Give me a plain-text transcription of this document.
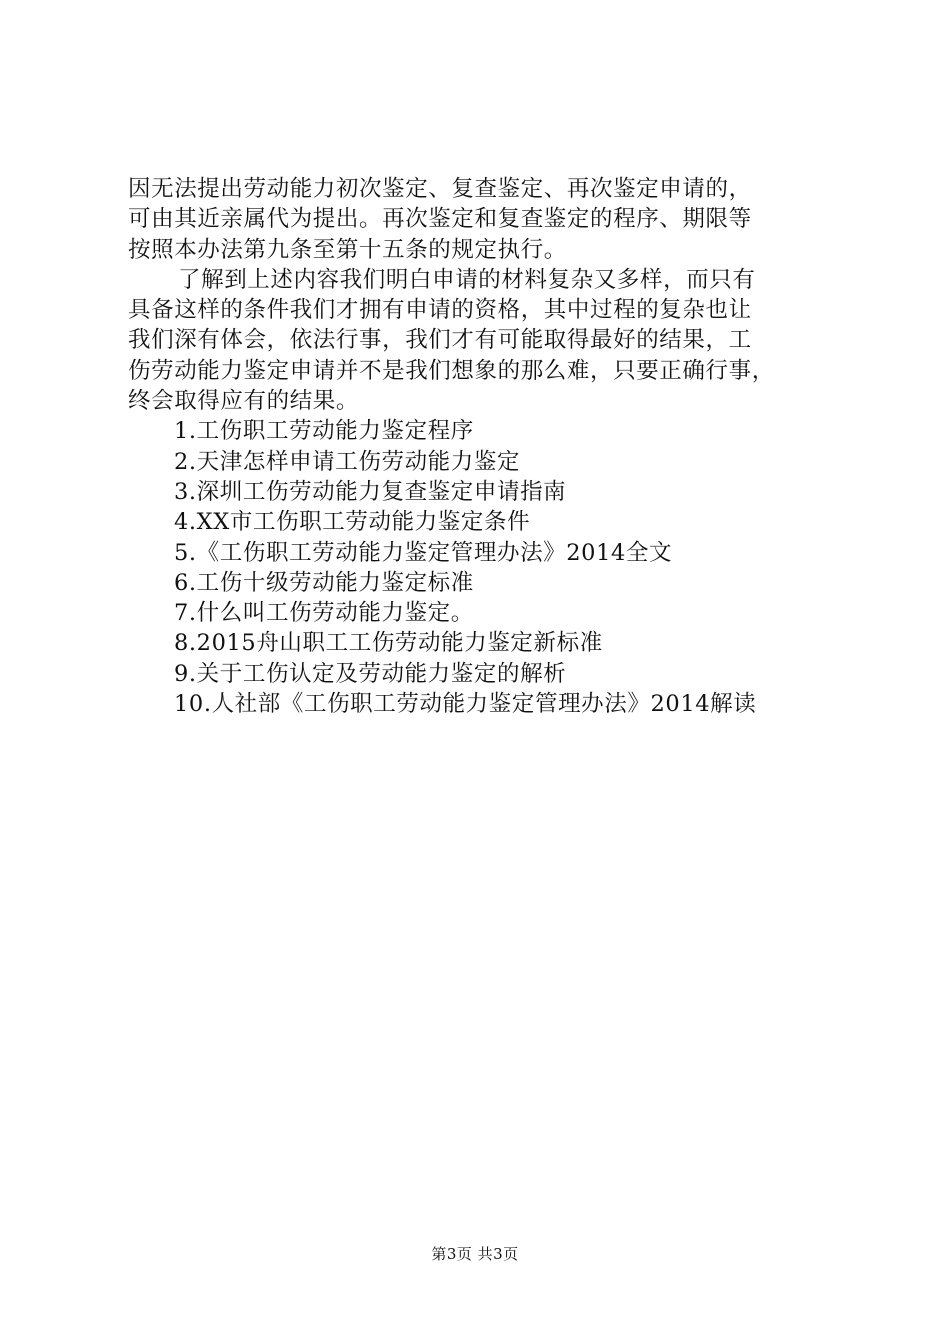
因无法提出劳动能力初次鉴定、复查鉴定、再次鉴定申请的，
可由其近亲属代为提出。再次鉴定和复查鉴定的程序、期限等
按照本办法第九条至第十五条的规定执行。

了解到上述内容我们明白申请的材料复杂又多样，而只有
具备这样的条件我们才拥有申请的资格，其中过程的复杂也让
我们深有体会，依法行事，我们才有可能取得最好的结果，工
伤劳动能力鉴定申请并不是我们想象的那么难，只要正确行事，
终会取得应有的结果。

1.工伤职工劳动能力鉴定程序
2.天津怎样申请工伤劳动能力鉴定
3.深圳工伤劳动能力复查鉴定申请指南
4.XX市工伤职工劳动能力鉴定条件
5.《工伤职工劳动能力鉴定管理办法》2014全文
6.工伤十级劳动能力鉴定标准
7.什么叫工伤劳动能力鉴定。
8.2015舟山职工工伤劳动能力鉴定新标准
9.关于工伤认定及劳动能力鉴定的解析
10.人社部《工伤职工劳动能力鉴定管理办法》2014解读
第3页 共3页
